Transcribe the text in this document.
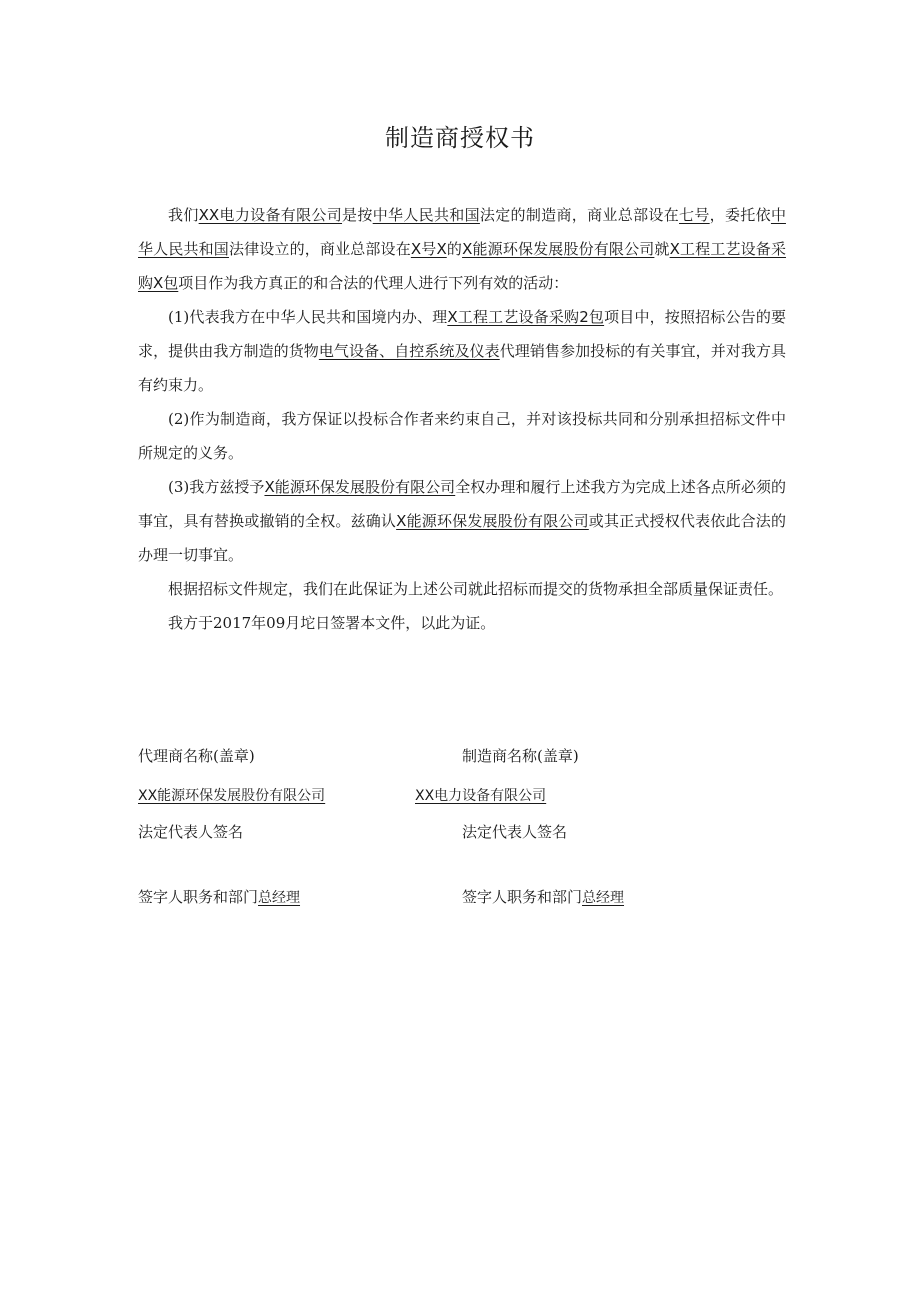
制造商授权书

我们XX电力设备有限公司是按中华人民共和国法定的制造商，商业总部设在七号，委托依中华人民共和国法律设立的，商业总部设在X号X的X能源环保发展股份有限公司就X工程工艺设备采购X包项目作为我方真正的和合法的代理人进行下列有效的活动：

(1)代表我方在中华人民共和国境内办、理X工程工艺设备采购2包项目中，按照招标公告的要求，提供由我方制造的货物电气设备、自控系统及仪表代理销售参加投标的有关事宜，并对我方具有约束力。

(2)作为制造商，我方保证以投标合作者来约束自己，并对该投标共同和分别承担招标文件中所规定的义务。

(3)我方兹授予X能源环保发展股份有限公司全权办理和履行上述我方为完成上述各点所必须的事宜，具有替换或撤销的全权。兹确认X能源环保发展股份有限公司或其正式授权代表依此合法的办理一切事宜。

根据招标文件规定，我们在此保证为上述公司就此招标而提交的货物承担全部质量保证责任。

我方于2017年09月坨日签署本文件，以此为证。

代理商名称(盖章)
XX能源环保发展股份有限公司
法定代表人签名
签字人职务和部门总经理
制造商名称(盖章)
XX电力设备有限公司
法定代表人签名
签字人职务和部门总经理
